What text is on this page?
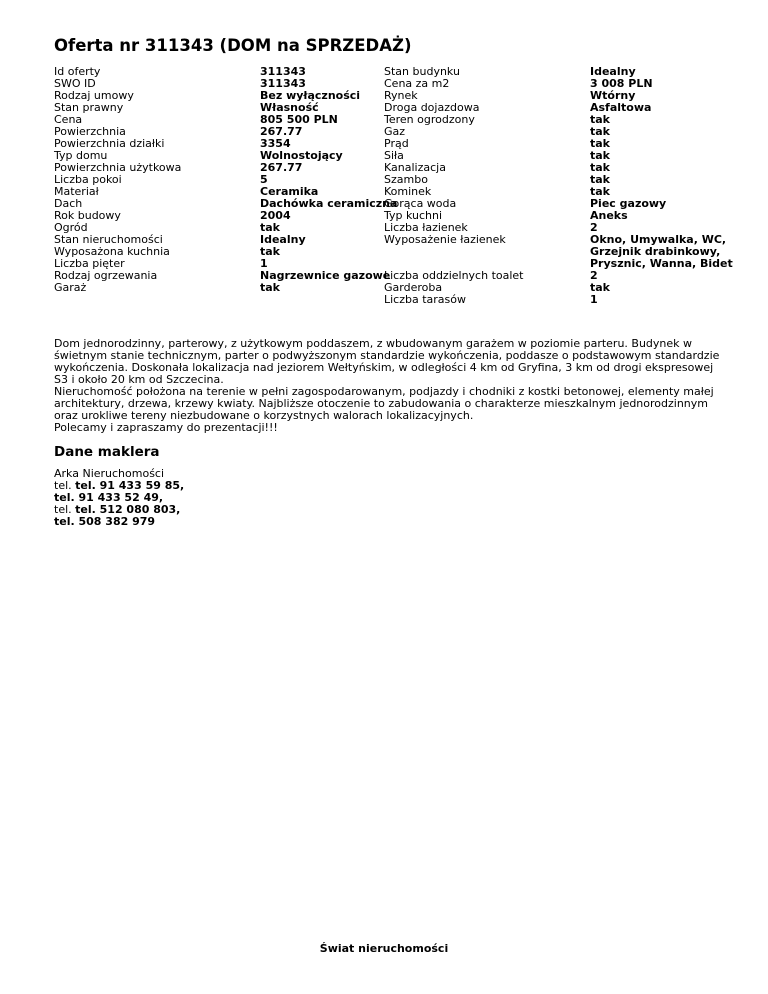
Oferta nr 311343 (DOM na SPRZEDAŻ)
Id oferty
SWO ID
Rodzaj umowy
Stan prawny
Cena
Powierzchnia
Powierzchnia działki
Typ domu
Powierzchnia użytkowa
Liczba pokoi
Materiał
Dach
Rok budowy
Ogród
Stan nieruchomości
Wyposażona kuchnia
Liczba pięter
Rodzaj ogrzewania
Garaż
311343
311343
Bez wyłączności
Własność
805 500 PLN
267.77
3354
Wolnostojący
267.77
5
Ceramika
Dachówka ceramiczna
2004
tak
Idealny
tak
1
Nagrzewnice gazowe
tak
Stan budynku
Cena za m2
Rynek
Droga dojazdowa
Teren ogrodzony
Gaz
Prąd
Siła
Kanalizacja
Szambo
Kominek
Gorąca woda
Typ kuchni
Liczba łazienek
Wyposażenie łazienek
Liczba oddzielnych toalet
Garderoba
Liczba tarasów
Idealny
3 008 PLN
Wtórny
Asfaltowa
tak
tak
tak
tak
tak
tak
tak
Piec gazowy
Aneks
2
Okno, Umywalka, WC,
Grzejnik drabinkowy,
Prysznic, Wanna, Bidet
2
tak
1

Dom jednorodzinny, parterowy, z użytkowym poddaszem, z wbudowanym garażem w poziomie parteru. Budynek w świetnym stanie technicznym, parter o podwyższonym standardzie wykończenia, poddasze o podstawowym standardzie wykończenia. Doskonała lokalizacja nad jeziorem Wełtyńskim, w odległości 4 km od Gryfina, 3 km od drogi ekspresowej S3 i około 20 km od Szczecina.

Nieruchomość położona na terenie w pełni zagospodarowanym, podjazdy i chodniki z kostki betonowej, elementy małej architektury, drzewa, krzewy kwiaty. Najbliższe otoczenie to zabudowania o charakterze mieszkalnym jednorodzinnym oraz urokliwe tereny niezbudowane o korzystnych walorach lokalizacyjnych.

Polecamy i zapraszamy do prezentacji!!!

Dane maklera
Arka Nieruchomości
tel. tel. 91 433 59 85,
tel. 91 433 52 49,
tel. tel. 512 080 803,
tel. 508 382 979
Świat nieruchomości
